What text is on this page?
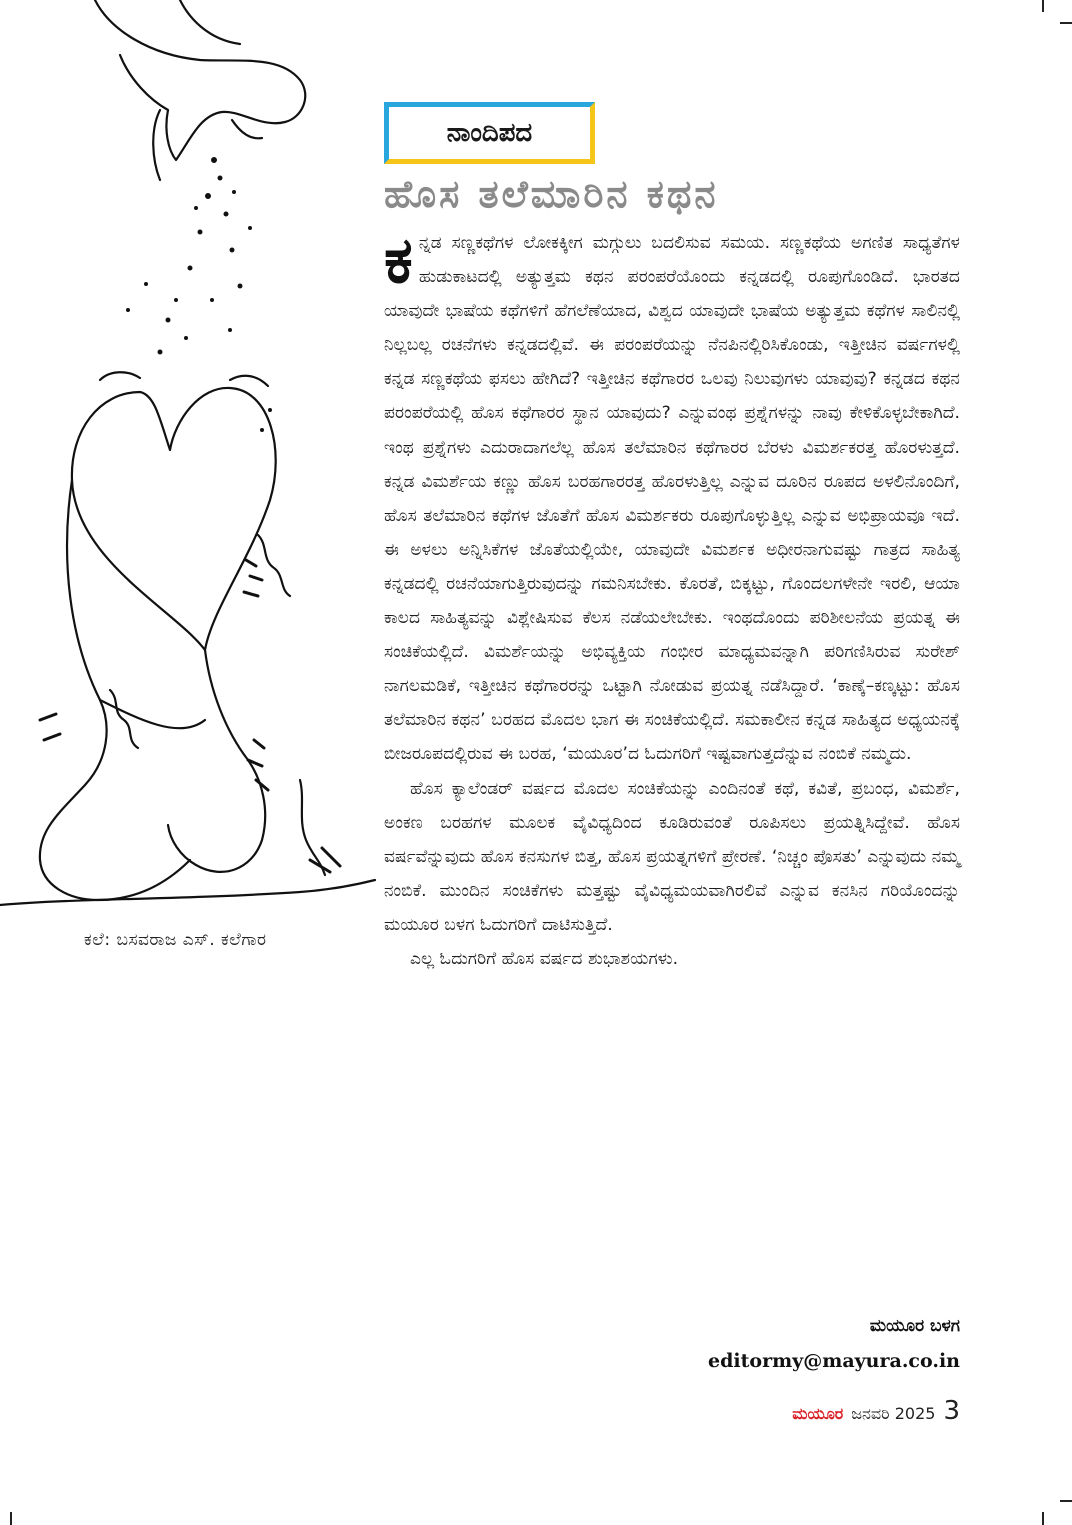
ಕಲೆ: ಬಸವರಾಜ ಎಸ್. ಕಲೆಗಾರ
ನಾಂದಿಪದ
ಹೊಸ ತಲೆಮಾರಿನ ಕಥನ

ಕನ್ನಡ ಸಣ್ಣಕಥೆಗಳ ಲೋಕಕ್ಕೀಗ ಮಗ್ಗುಲು ಬದಲಿಸುವ ಸಮಯ. ಸಣ್ಣಕಥೆಯ ಅಗಣಿತ ಸಾಧ್ಯತೆಗಳ ಹುಡುಕಾಟದಲ್ಲಿ ಅತ್ಯುತ್ತಮ ಕಥನ ಪರಂಪರೆಯೊಂದು ಕನ್ನಡದಲ್ಲಿ ರೂಪುಗೊಂಡಿದೆ. ಭಾರತದ ಯಾವುದೇ ಭಾಷೆಯ ಕಥೆಗಳಿಗೆ ಹೆಗಲೆಣೆಯಾದ, ವಿಶ್ವದ ಯಾವುದೇ ಭಾಷೆಯ ಅತ್ಯುತ್ತಮ ಕಥೆಗಳ ಸಾಲಿನಲ್ಲಿ ನಿಲ್ಲಬಲ್ಲ ರಚನೆಗಳು ಕನ್ನಡದಲ್ಲಿವೆ. ಈ ಪರಂಪರೆಯನ್ನು ನೆನಪಿನಲ್ಲಿರಿಸಿಕೊಂಡು, ಇತ್ತೀಚಿನ ವರ್ಷಗಳಲ್ಲಿ ಕನ್ನಡ ಸಣ್ಣಕಥೆಯ ಫಸಲು ಹೇಗಿದೆ? ಇತ್ತೀಚಿನ ಕಥೆಗಾರರ ಒಲವು ನಿಲುವುಗಳು ಯಾವುವು? ಕನ್ನಡದ ಕಥನ ಪರಂಪರೆಯಲ್ಲಿ ಹೊಸ ಕಥೆಗಾರರ ಸ್ಥಾನ ಯಾವುದು? ಎನ್ನುವಂಥ ಪ್ರಶ್ನೆಗಳನ್ನು ನಾವು ಕೇಳಿಕೊಳ್ಳಬೇಕಾಗಿದೆ. ಇಂಥ ಪ್ರಶ್ನೆಗಳು ಎದುರಾದಾಗಲೆಲ್ಲ ಹೊಸ ತಲೆಮಾರಿನ ಕಥೆಗಾರರ ಬೆರಳು ವಿಮರ್ಶಕರತ್ತ ಹೊರಳುತ್ತದೆ. ಕನ್ನಡ ವಿಮರ್ಶೆಯ ಕಣ್ಣು ಹೊಸ ಬರಹಗಾರರತ್ತ ಹೊರಳುತ್ತಿಲ್ಲ ಎನ್ನುವ ದೂರಿನ ರೂಪದ ಅಳಲಿನೊಂದಿಗೆ, ಹೊಸ ತಲೆಮಾರಿನ ಕಥೆಗಳ ಜೊತೆಗೆ ಹೊಸ ವಿಮರ್ಶಕರು ರೂಪುಗೊಳ್ಳುತ್ತಿಲ್ಲ ಎನ್ನುವ ಅಭಿಪ್ರಾಯವೂ ಇದೆ. ಈ ಅಳಲು ಅನ್ನಿಸಿಕೆಗಳ ಜೊತೆಯಲ್ಲಿಯೇ, ಯಾವುದೇ ವಿಮರ್ಶಕ ಅಧೀರನಾಗುವಷ್ಟು ಗಾತ್ರದ ಸಾಹಿತ್ಯ ಕನ್ನಡದಲ್ಲಿ ರಚನೆಯಾಗುತ್ತಿರುವುದನ್ನು ಗಮನಿಸಬೇಕು. ಕೊರತೆ, ಬಿಕ್ಕಟ್ಟು, ಗೊಂದಲಗಳೇನೇ ಇರಲಿ, ಆಯಾ ಕಾಲದ ಸಾಹಿತ್ಯವನ್ನು ವಿಶ್ಲೇಷಿಸುವ ಕೆಲಸ ನಡೆಯಲೇಬೇಕು. ಇಂಥದೊಂದು ಪರಿಶೀಲನೆಯ ಪ್ರಯತ್ನ ಈ ಸಂಚಿಕೆಯಲ್ಲಿದೆ. ವಿಮರ್ಶೆಯನ್ನು ಅಭಿವ್ಯಕ್ತಿಯ ಗಂಭೀರ ಮಾಧ್ಯಮವನ್ನಾಗಿ ಪರಿಗಣಿಸಿರುವ ಸುರೇಶ್ ನಾಗಲಮಡಿಕೆ, ಇತ್ತೀಚಿನ ಕಥೆಗಾರರನ್ನು ಒಟ್ಟಾಗಿ ನೋಡುವ ಪ್ರಯತ್ನ ನಡೆಸಿದ್ದಾರೆ. ‘ಕಾಣ್ಕೆ–ಕಣ್ಕಟ್ಟು: ಹೊಸ ತಲೆಮಾರಿನ ಕಥನ’ ಬರಹದ ಮೊದಲ ಭಾಗ ಈ ಸಂಚಿಕೆಯಲ್ಲಿದೆ. ಸಮಕಾಲೀನ ಕನ್ನಡ ಸಾಹಿತ್ಯದ ಅಧ್ಯಯನಕ್ಕೆ ಬೀಜರೂಪದಲ್ಲಿರುವ ಈ ಬರಹ, ‘ಮಯೂರ’ದ ಓದುಗರಿಗೆ ಇಷ್ಟವಾಗುತ್ತದೆನ್ನುವ ನಂಬಿಕೆ ನಮ್ಮದು.

ಹೊಸ ಕ್ಯಾಲೆಂಡರ್ ವರ್ಷದ ಮೊದಲ ಸಂಚಿಕೆಯನ್ನು ಎಂದಿನಂತೆ ಕಥೆ, ಕವಿತೆ, ಪ್ರಬಂಧ, ವಿಮರ್ಶೆ, ಅಂಕಣ ಬರಹಗಳ ಮೂಲಕ ವೈವಿಧ್ಯದಿಂದ ಕೂಡಿರುವಂತೆ ರೂಪಿಸಲು ಪ್ರಯತ್ನಿಸಿದ್ದೇವೆ. ಹೊಸ ವರ್ಷವೆನ್ನುವುದು ಹೊಸ ಕನಸುಗಳ ಬಿತ್ತ, ಹೊಸ ಪ್ರಯತ್ನಗಳಿಗೆ ಪ್ರೇರಣೆ. ‘ನಿಚ್ಚಂ ಪೊಸತು’ ಎನ್ನುವುದು ನಮ್ಮ ನಂಬಿಕೆ. ಮುಂದಿನ ಸಂಚಿಕೆಗಳು ಮತ್ತಷ್ಟು ವೈವಿಧ್ಯಮಯವಾಗಿರಲಿವೆ ಎನ್ನುವ ಕನಸಿನ ಗರಿಯೊಂದನ್ನು ಮಯೂರ ಬಳಗ ಓದುಗರಿಗೆ ದಾಟಿಸುತ್ತಿದೆ.

ಎಲ್ಲ ಓದುಗರಿಗೆ ಹೊಸ ವರ್ಷದ ಶುಭಾಶಯಗಳು.

ಮಯೂರ ಬಳಗ
editormy@mayura.co.in
ಮಯೂರ ಜನವರಿ 2025 3
